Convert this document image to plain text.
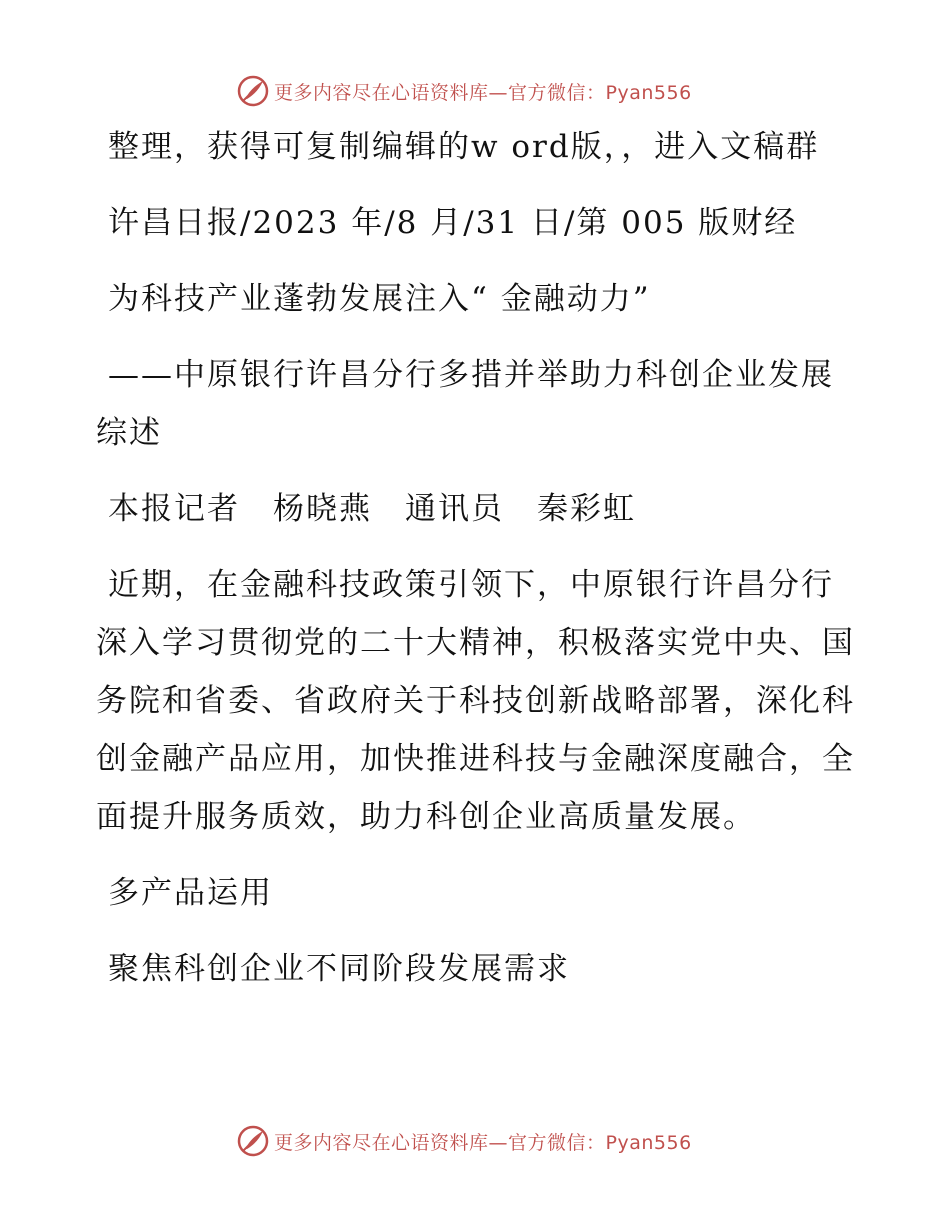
更多内容尽在心语资料库—官方微信：Pyan556

整理，获得可复制编辑的w ord版，，进入文稿群

许昌日报/2023 年/8 月/31 日/第 005 版财经

为科技产业蓬勃发展注入“ 金融动力”

——中原银行许昌分行多措并举助力科创企业发展综述

本报记者　杨晓燕　通讯员　秦彩虹

近期，在金融科技政策引领下，中原银行许昌分行深入学习贯彻党的二十大精神，积极落实党中央、国务院和省委、省政府关于科技创新战略部署，深化科创金融产品应用，加快推进科技与金融深度融合，全面提升服务质效，助力科创企业高质量发展。

多产品运用

聚焦科创企业不同阶段发展需求

更多内容尽在心语资料库—官方微信：Pyan556
